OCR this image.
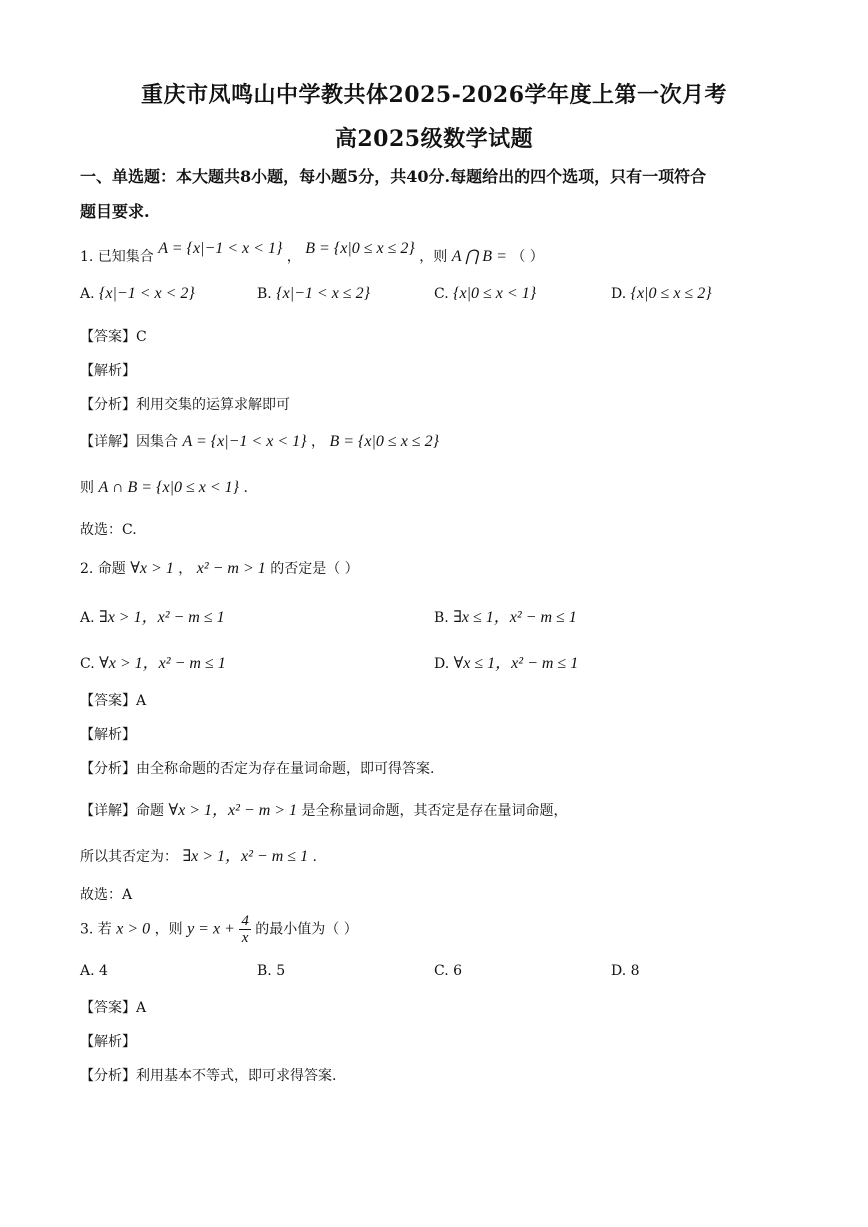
重庆市凤鸣山中学教共体2025-2026学年度上第一次月考
高2025级数学试题
一、单选题：本大题共8小题，每小题5分，共40分.每题给出的四个选项，只有一项符合
题目要求.
1. 已知集合 A = {x|−1 < x < 1} ， B = {x|0 ≤ x ≤ 2} ，则 A ⋂ B = （ ）
A. {x|−1 < x < 2}	B. {x|−1 < x ≤ 2}	C. {x|0 ≤ x < 1}	D. {x|0 ≤ x ≤ 2}
【答案】C
【解析】
【分析】利用交集的运算求解即可
【详解】因集合 A = {x|−1 < x < 1} ， B = {x|0 ≤ x ≤ 2}
则 A ∩ B = {x|0 ≤ x < 1} .
故选：C.
2. 命题 ∀x > 1 ， x² − m > 1 的否定是（ ）
A. ∃x > 1，x² − m ≤ 1	B. ∃x ≤ 1，x² − m ≤ 1
C. ∀x > 1，x² − m ≤ 1	D. ∀x ≤ 1，x² − m ≤ 1
【答案】A
【解析】
【分析】由全称命题的否定为存在量词命题，即可得答案.
【详解】命题 ∀x > 1，x² − m > 1 是全称量词命题，其否定是存在量词命题，
所以其否定为： ∃x > 1，x² − m ≤ 1 .
故选：A
3. 若 x > 0 ，则 $y = x + \frac{4}{x}$ 的最小值为（ ）
A. 4	B. 5	C. 6	D. 8
【答案】A
【解析】
【分析】利用基本不等式，即可求得答案.
